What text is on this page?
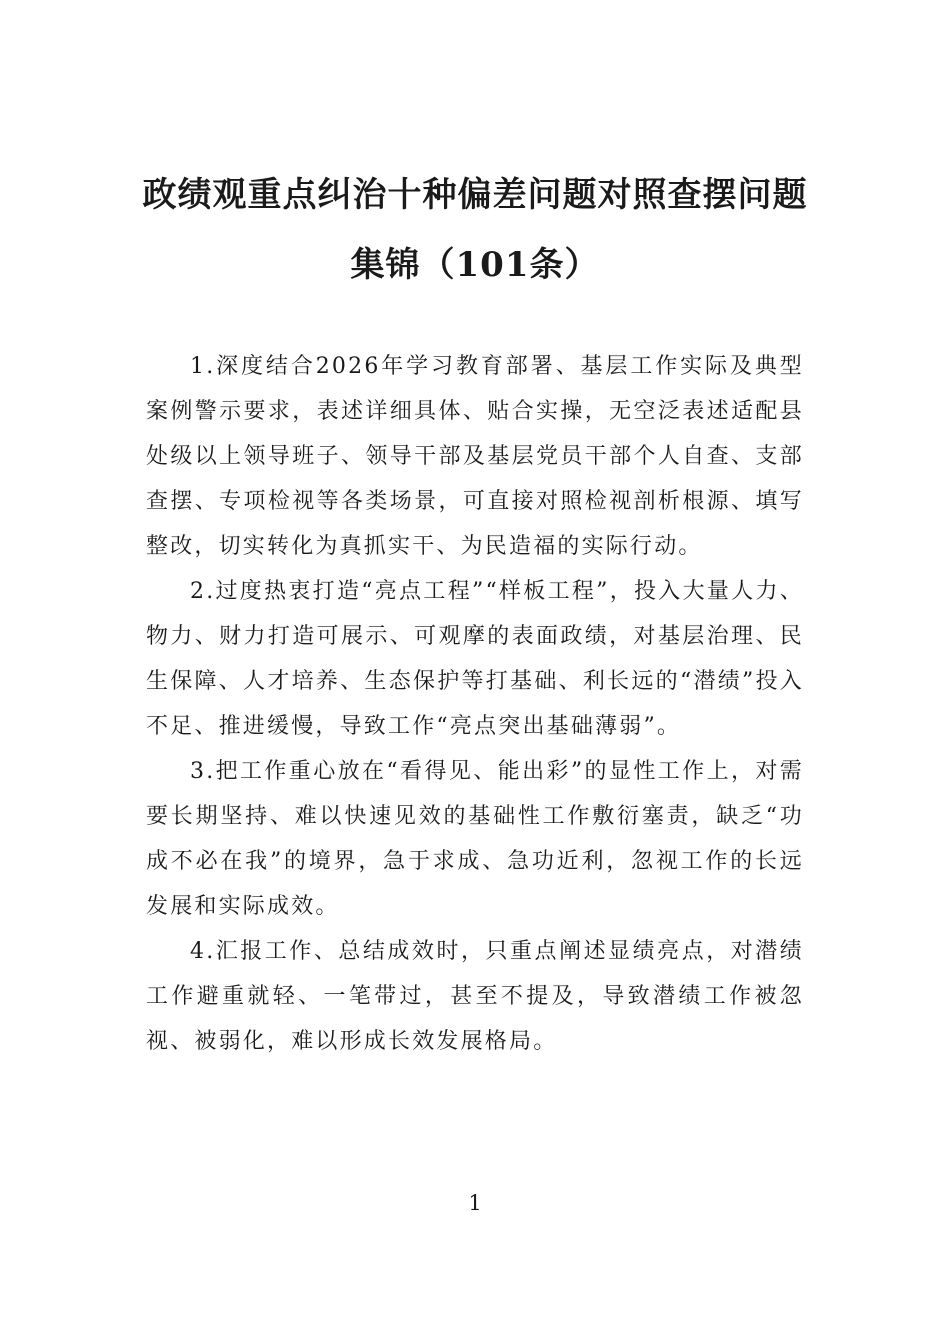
政绩观重点纠治十种偏差问题对照查摆问题集锦（101条）

1.深度结合2026年学习教育部署、基层工作实际及典型案例警示要求，表述详细具体、贴合实操，无空泛表述适配县处级以上领导班子、领导干部及基层党员干部个人自查、支部查摆、专项检视等各类场景，可直接对照检视剖析根源、填写整改，切实转化为真抓实干、为民造福的实际行动。

2.过度热衷打造“亮点工程”“样板工程”，投入大量人力、物力、财力打造可展示、可观摩的表面政绩，对基层治理、民生保障、人才培养、生态保护等打基础、利长远的“潜绩”投入不足、推进缓慢，导致工作“亮点突出基础薄弱”。

3.把工作重心放在“看得见、能出彩”的显性工作上，对需要长期坚持、难以快速见效的基础性工作敷衍塞责，缺乏“功成不必在我”的境界，急于求成、急功近利，忽视工作的长远发展和实际成效。

4.汇报工作、总结成效时，只重点阐述显绩亮点，对潜绩工作避重就轻、一笔带过，甚至不提及，导致潜绩工作被忽视、被弱化，难以形成长效发展格局。

1
